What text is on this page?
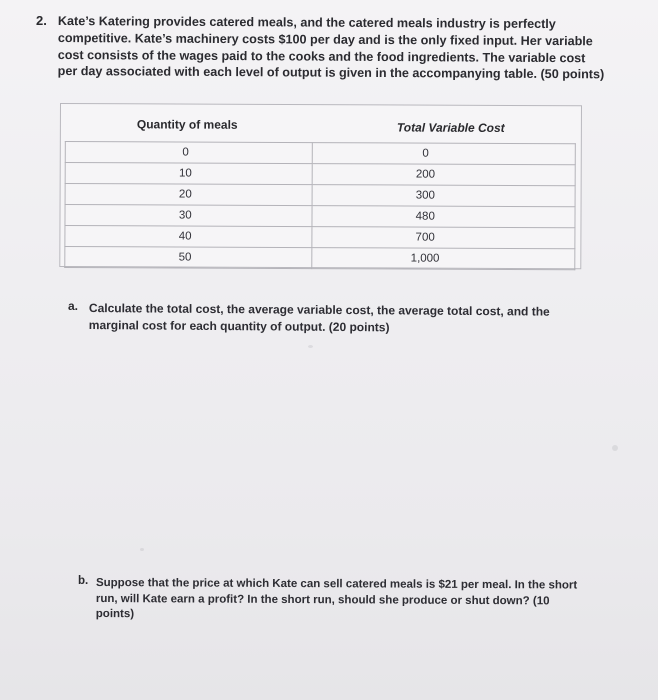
2. Kate’s Katering provides catered meals, and the catered meals industry is perfectly competitive. Kate’s machinery costs $100 per day and is the only fixed input. Her variable cost consists of the wages paid to the cooks and the food ingredients. The variable cost per day associated with each level of output is given in the accompanying table. (50 points)
Quantity of meals	Total Variable Cost
0	0
10	200
20	300
30	480
40	700
50	1,000
a. Calculate the total cost, the average variable cost, the average total cost, and the marginal cost for each quantity of output. (20 points)
b. Suppose that the price at which Kate can sell catered meals is $21 per meal. In the short run, will Kate earn a profit? In the short run, should she produce or shut down? (10 points)
